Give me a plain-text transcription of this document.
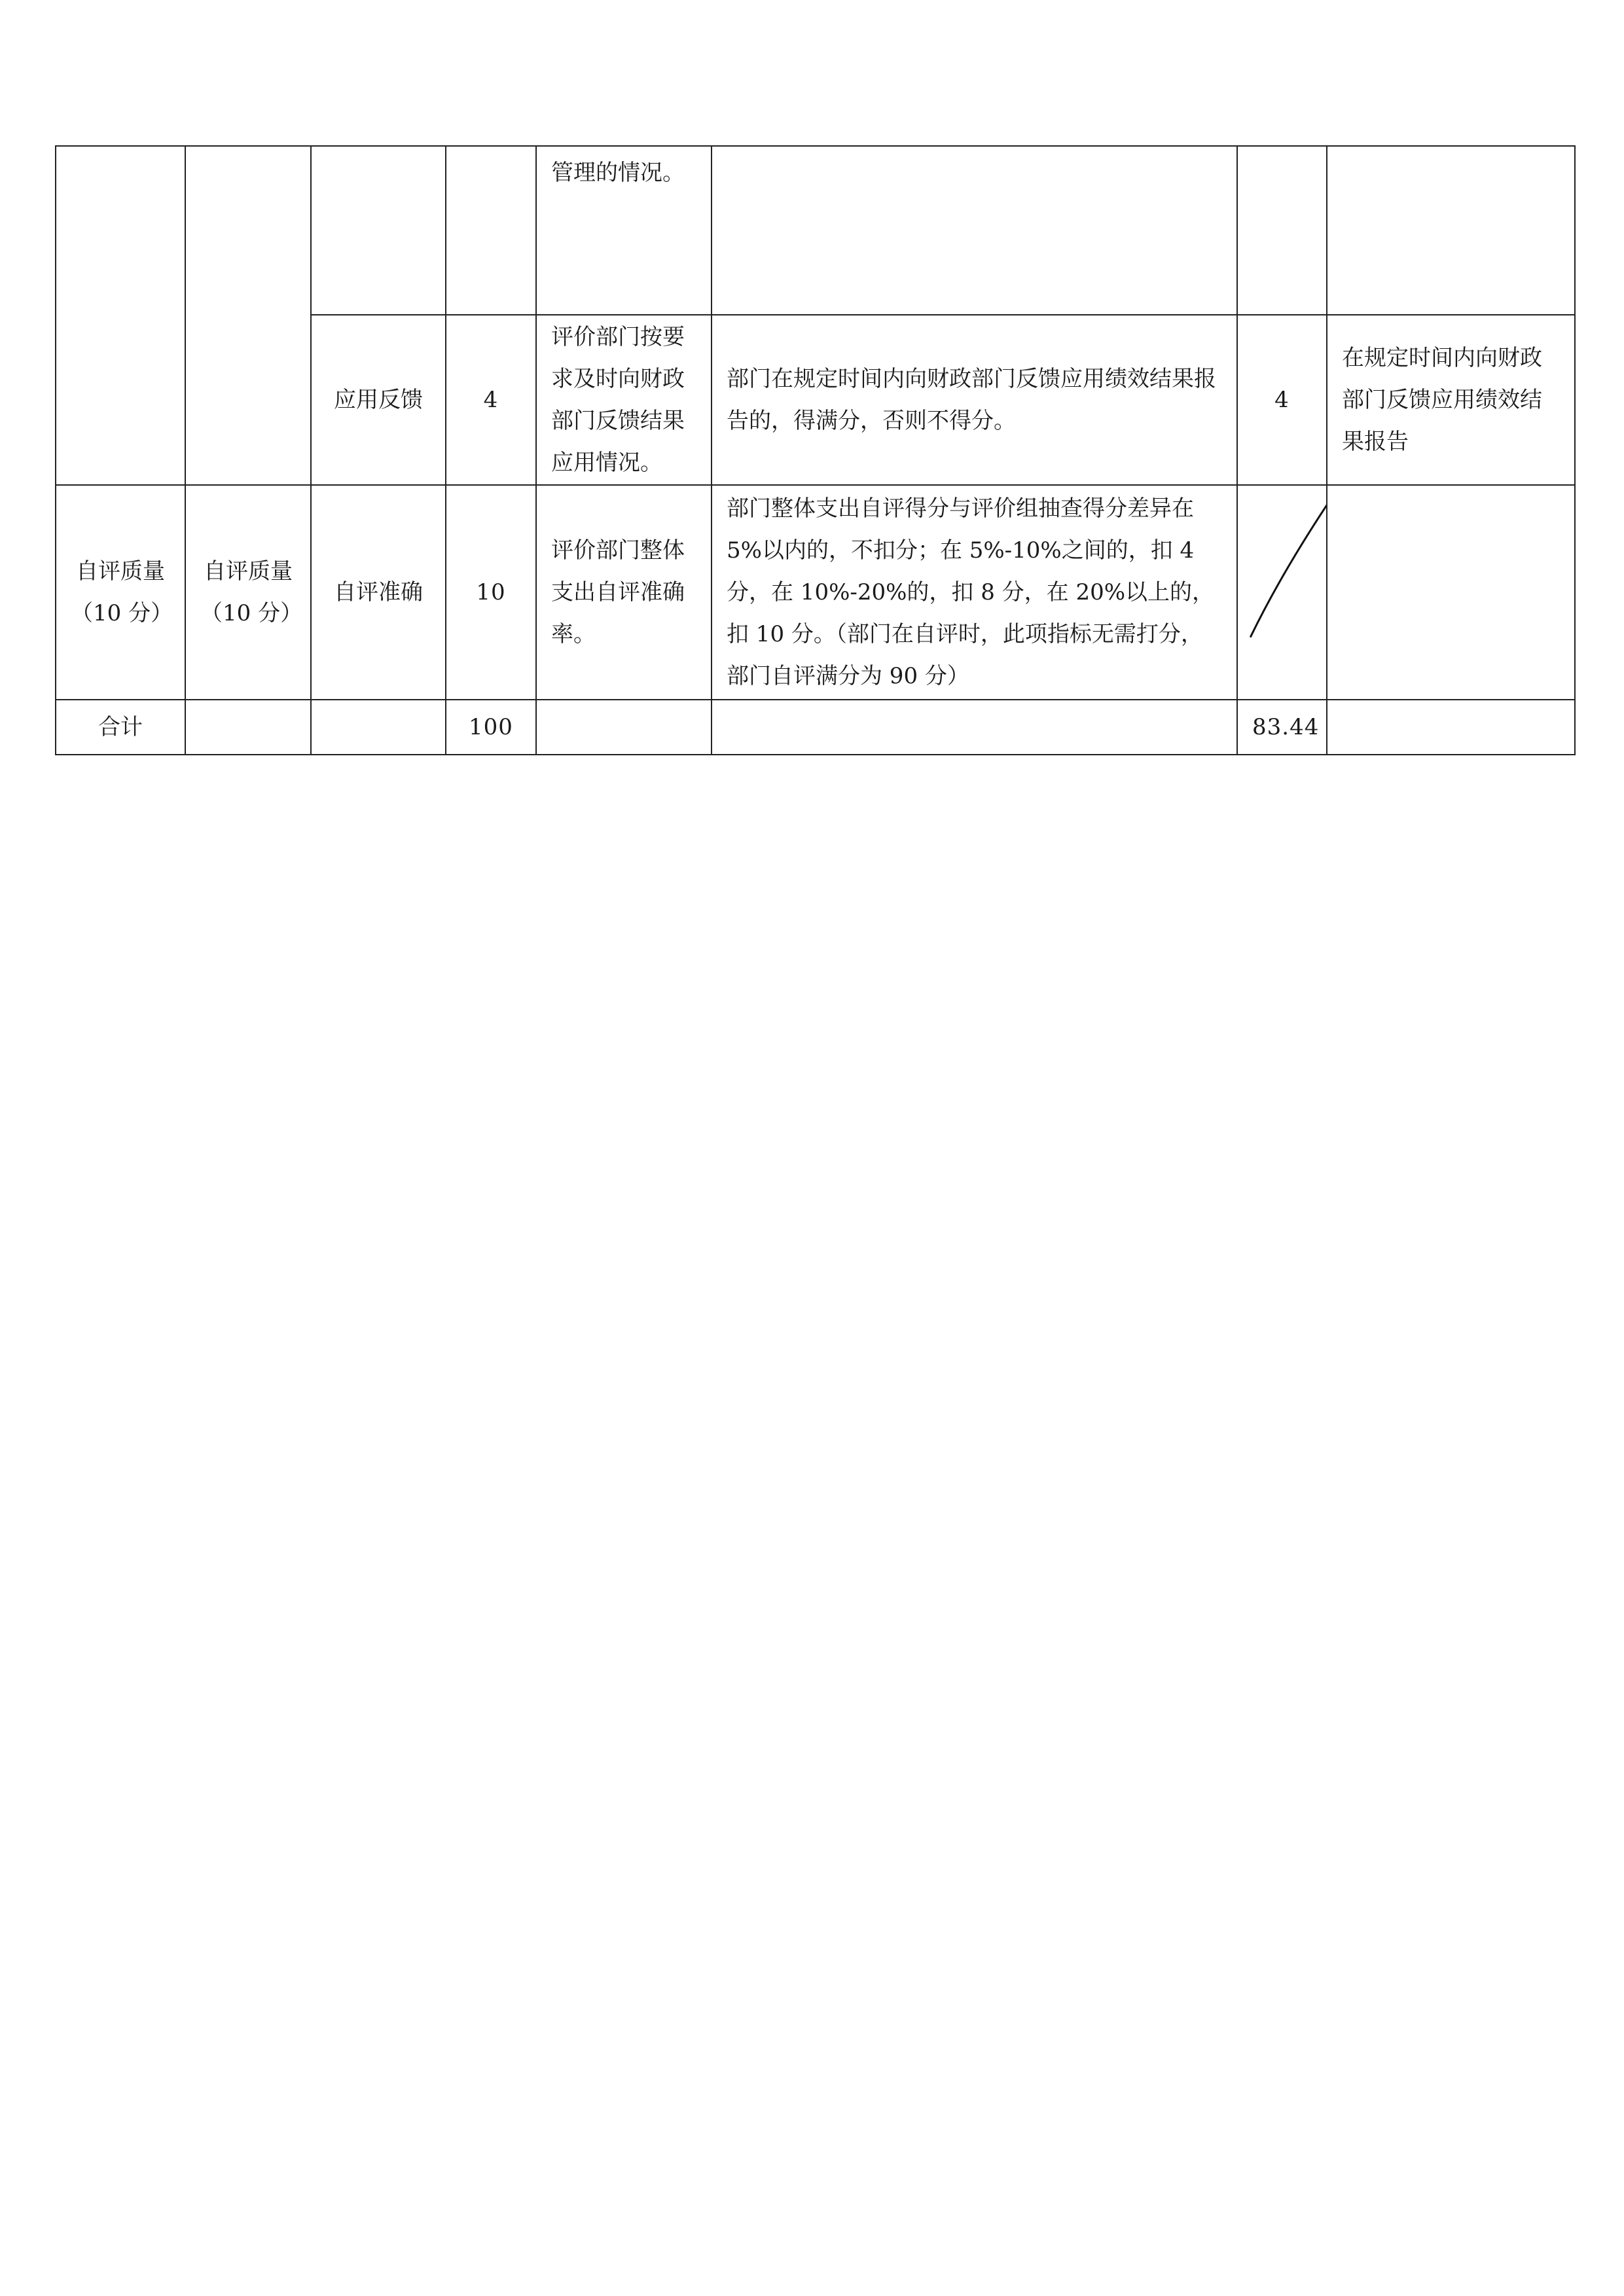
				管理的情况。			
		应用反馈	4	评价部门按要求及时向财政部门反馈结果应用情况。	部门在规定时间内向财政部门反馈应用绩效结果报告的，得满分，否则不得分。	4	在规定时间内向财政部门反馈应用绩效结果报告
自评质量（10 分）	自评质量（10 分）	自评准确	10	评价部门整体支出自评准确率。	部门整体支出自评得分与评价组抽查得分差异在 5%以内的，不扣分；在 5%-10%之间的，扣 4 分，在 10%-20%的，扣 8 分，在 20%以上的，扣 10 分。（部门在自评时，此项指标无需打分，部门自评满分为 90 分）	

合计			100			83.44	
